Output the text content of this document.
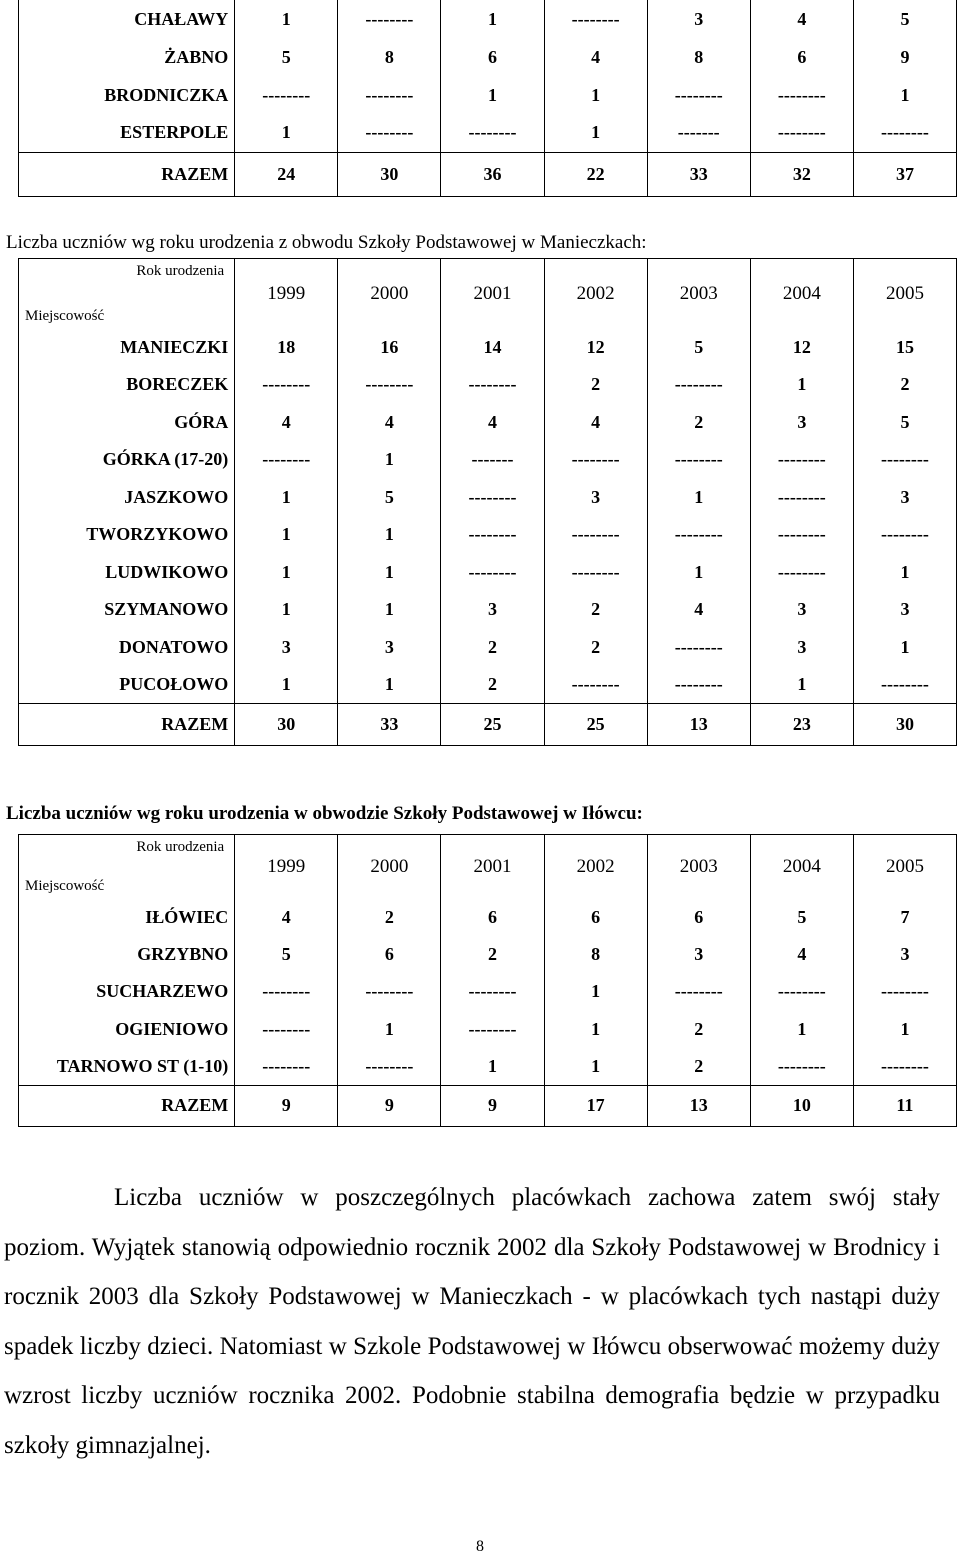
CHAŁAWY	1	--------	1	--------	3	4	5
ŻABNO	5	8	6	4	8	6	9
BRODNICZKA	--------	--------	1	1	--------	--------	1
ESTERPOLE	1	--------	--------	1	-------	--------	--------
RAZEM	24	30	36	22	33	32	37
Liczba uczniów wg roku urodzenia z obwodu Szkoły Podstawowej w Manieczkach:
Rok urodzenia
Miejscowość	1999	2000	2001	2002	2003	2004	2005
MANIECZKI	18	16	14	12	5	12	15
BORECZEK	--------	--------	--------	2	--------	1	2
GÓRA	4	4	4	4	2	3	5
GÓRKA (17-20)	--------	1	-------	--------	--------	--------	--------
JASZKOWO	1	5	--------	3	1	--------	3
TWORZYKOWO	1	1	--------	--------	--------	--------	--------
LUDWIKOWO	1	1	--------	--------	1	--------	1
SZYMANOWO	1	1	3	2	4	3	3
DONATOWO	3	3	2	2	--------	3	1
PUCOŁOWO	1	1	2	--------	--------	1	--------
RAZEM	30	33	25	25	13	23	30
Liczba uczniów wg roku urodzenia w obwodzie Szkoły Podstawowej w Iłówcu:
Rok urodzenia
Miejscowość	1999	2000	2001	2002	2003	2004	2005
IŁÓWIEC	4	2	6	6	6	5	7
GRZYBNO	5	6	2	8	3	4	3
SUCHARZEWO	--------	--------	--------	1	--------	--------	--------
OGIENIOWO	--------	1	--------	1	2	1	1
TARNOWO ST (1-10)	--------	--------	1	1	2	--------	--------
RAZEM	9	9	9	17	13	10	11
Liczba uczniów w poszczególnych placówkach zachowa zatem swój stały poziom. Wyjątek stanowią odpowiednio rocznik 2002 dla Szkoły Podstawowej w Brodnicy i rocznik 2003 dla Szkoły Podstawowej w Manieczkach - w placówkach tych nastąpi duży spadek liczby dzieci. Natomiast w Szkole Podstawowej w Iłówcu obserwować możemy duży wzrost liczby uczniów rocznika 2002. Podobnie stabilna demografia będzie w przypadku szkoły gimnazjalnej.
8
